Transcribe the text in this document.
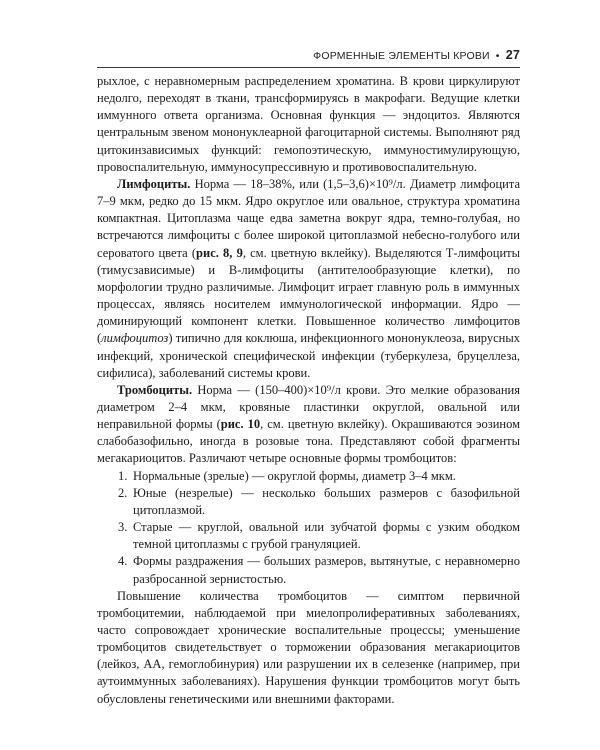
ФОРМЕННЫЕ ЭЛЕМЕНТЫ КРОВИ • 27

рыхлое, с неравномерным распределением хроматина. В крови циркулируют недолго, переходят в ткани, трансформируясь в макрофаги. Ведущие клетки иммунного ответа организма. Основная функция — эндоцитоз. Являются центральным звеном мононуклеарной фагоцитарной системы. Выполняют ряд цитокинзависимых функций: гемопоэтическую, иммуностимулирующую, провоспалительную, иммуносупрессивную и противовоспалительную.

Лимфоциты. Норма — 18–38%, или (1,5–3,6)×10⁹/л. Диаметр лимфоцита 7–9 мкм, редко до 15 мкм. Ядро округлое или овальное, структура хроматина компактная. Цитоплазма чаще едва заметна вокруг ядра, темно-голубая, но встречаются лимфоциты с более широкой цитоплазмой небесно-голубого или сероватого цвета (рис. 8, 9, см. цветную вклейку). Выделяются Т-лимфоциты (тимусзависимые) и В-лимфоциты (антителообразующие клетки), по морфологии трудно различимые. Лимфоцит играет главную роль в иммунных процессах, являясь носителем иммунологической информации. Ядро — доминирующий компонент клетки. Повышенное количество лимфоцитов (лимфоцитоз) типично для коклюша, инфекционного мононуклеоза, вирусных инфекций, хронической специфической инфекции (туберкулеза, бруцеллеза, сифилиса), заболеваний системы крови.

Тромбоциты. Норма — (150–400)×10⁹/л крови. Это мелкие образования диаметром 2–4 мкм, кровяные пластинки округлой, овальной или неправильной формы (рис. 10, см. цветную вклейку). Окрашиваются эозином слабобазофильно, иногда в розовые тона. Представляют собой фрагменты мегакариоцитов. Различают четыре основные формы тромбоцитов:

1. Нормальные (зрелые) — округлой формы, диаметр 3–4 мкм.
2. Юные (незрелые) — несколько больших размеров с базофильной цитоплазмой.
3. Старые — круглой, овальной или зубчатой формы с узким ободком темной цитоплазмы с грубой грануляцией.
4. Формы раздражения — больших размеров, вытянутые, с неравномерно разбросанной зернистостью.

Повышение количества тромбоцитов — симптом первичной тромбоцитемии, наблюдаемой при миелопролиферативных заболеваниях, часто сопровождает хронические воспалительные процессы; уменьшение тромбоцитов свидетельствует о торможении образования мегакариоцитов (лейкоз, АА, гемоглобинурия) или разрушении их в селезенке (например, при аутоиммунных заболеваниях). Нарушения функции тромбоцитов могут быть обусловлены генетическими или внешними факторами.
